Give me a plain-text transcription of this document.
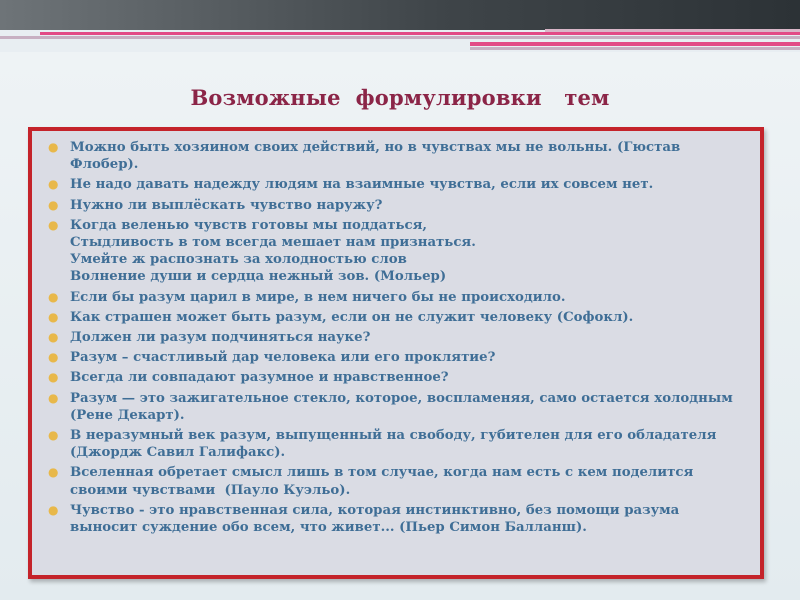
Возможные  формулировки   тем
● Можно быть хозяином своих действий, но в чувствах мы не вольны. (Гюстав Флобер).
● Не надо давать надежду людям на взаимные чувства, если их совсем нет.
● Нужно ли выплёскать чувство наружу?
● Когда веленью чувств готовы мы поддаться,
Стыдливость в том всегда мешает нам признаться.
Умейте ж распознать за холодностью слов
Волнение души и сердца нежный зов. (Мольер)
● Если бы разум царил в мире, в нем ничего бы не происходило.
● Как страшен может быть разум, если он не служит человеку (Софокл).
● Должен ли разум подчиняться науке?
● Разум – счастливый дар человека или его проклятие?
● Всегда ли совпадают разумное и нравственное?
● Разум — это зажигательное стекло, которое, воспламеняя, само остается холодным (Рене Декарт).
● В неразумный век разум, выпущенный на свободу, губителен для его обладателя  (Джордж Савил Галифакс).
● Вселенная обретает смысл лишь в том случае, когда нам есть с кем поделится своими чувствами  (Пауло Куэльо).
● Чувство - это нравственная сила, которая инстинктивно, без помощи разума выносит суждение обо всем, что живет... (Пьер Симон Балланш).
